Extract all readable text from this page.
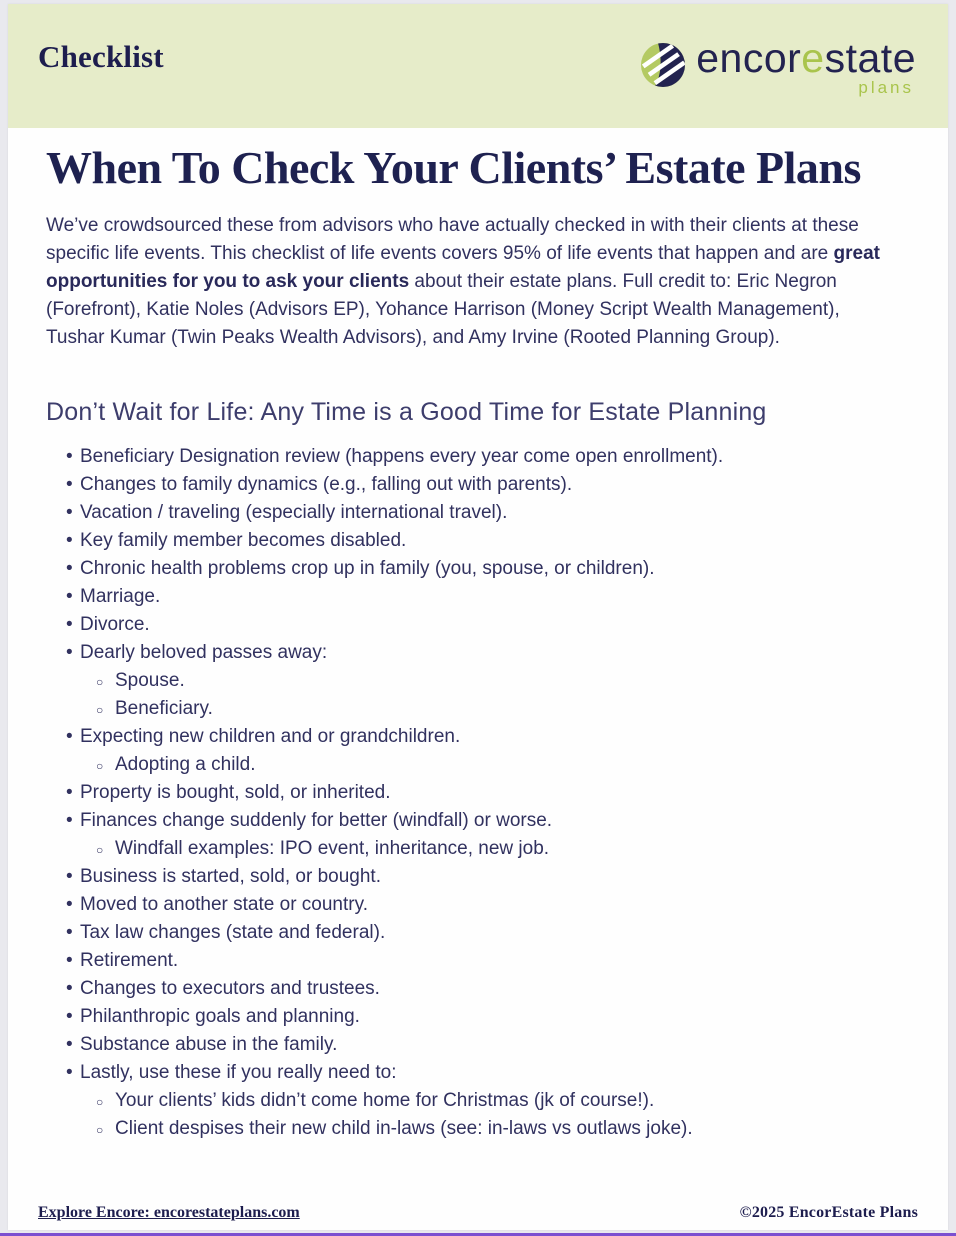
Checklist	encorestate
plans
When To Check Your Clients’ Estate Plans

We’ve crowdsourced these from advisors who have actually checked in with their clients at these specific life events. This checklist of life events covers 95% of life events that happen and are great opportunities for you to ask your clients about their estate plans. Full credit to: Eric Negron (Forefront), Katie Noles (Advisors EP), Yohance Harrison (Money Script Wealth Management), Tushar Kumar (Twin Peaks Wealth Advisors), and Amy Irvine (Rooted Planning Group).

Don’t Wait for Life: Any Time is a Good Time for Estate Planning
• Beneficiary Designation review (happens every year come open enrollment).
• Changes to family dynamics (e.g., falling out with parents).
• Vacation / traveling (especially international travel).
• Key family member becomes disabled.
• Chronic health problems crop up in family (you, spouse, or children).
• Marriage.
• Divorce.
• Dearly beloved passes away:
○ Spouse.
○ Beneficiary.
• Expecting new children and or grandchildren.
○ Adopting a child.
• Property is bought, sold, or inherited.
• Finances change suddenly for better (windfall) or worse.
○ Windfall examples: IPO event, inheritance, new job.
• Business is started, sold, or bought.
• Moved to another state or country.
• Tax law changes (state and federal).
• Retirement.
• Changes to executors and trustees.
• Philanthropic goals and planning.
• Substance abuse in the family.
• Lastly, use these if you really need to:
○ Your clients’ kids didn’t come home for Christmas (jk of course!).
○ Client despises their new child in-laws (see: in-laws vs outlaws joke).
Explore Encore: encorestateplans.com	©2025 EncorEstate Plans
